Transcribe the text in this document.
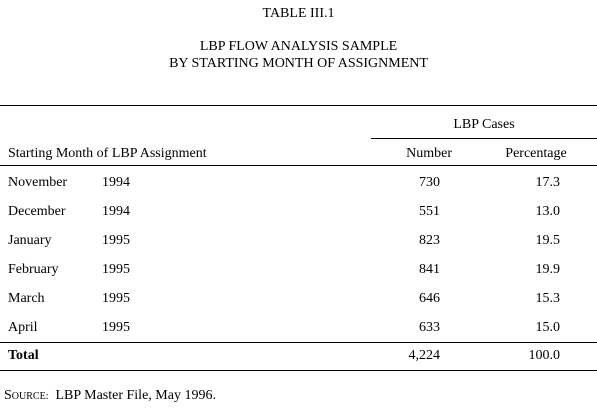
TABLE III.1
LBP FLOW ANALYSIS SAMPLE
BY STARTING MONTH OF ASSIGNMENT
LBP Cases
Starting Month of LBP Assignment	Number	Percentage
November 1994	730	17.3
December	1994	551	13.0
January	1995	823	19.5
February	1995	841	19.9
March	1995	646	15.3
April	1995	633	15.0
Total	4,224	100.0
SOURCE: LBP Master File, May 1996.
